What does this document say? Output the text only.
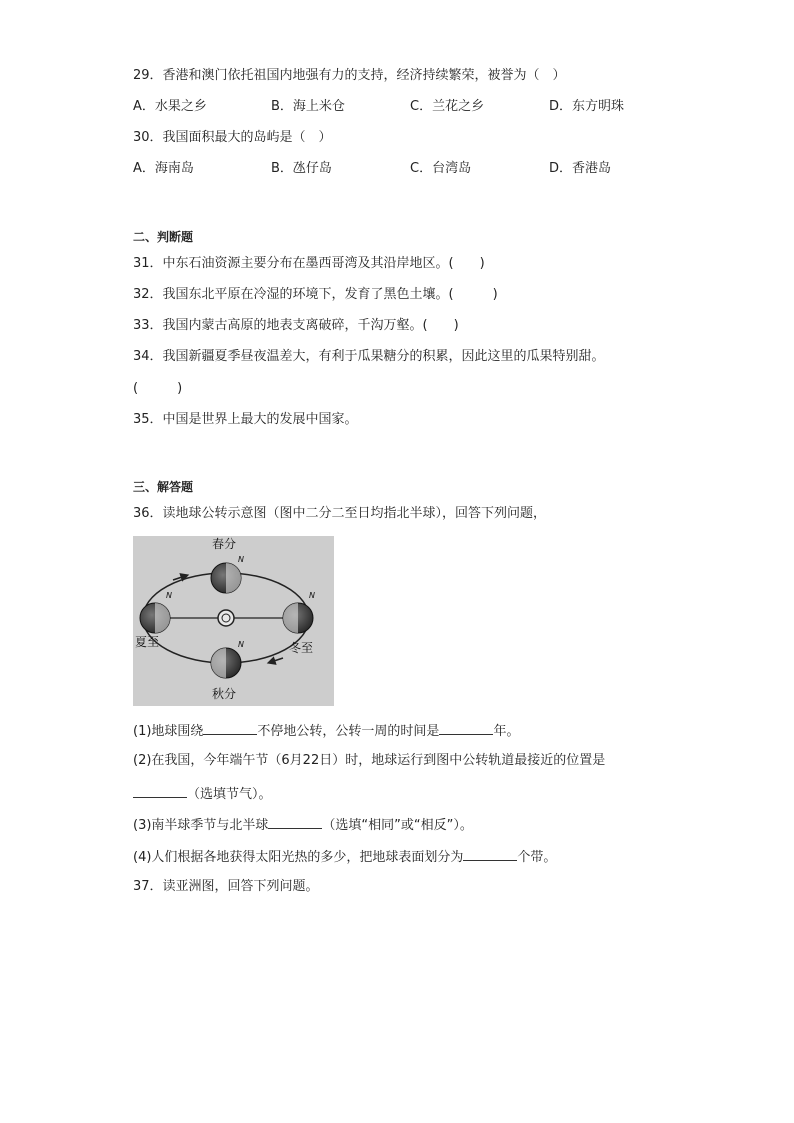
29．香港和澳门依托祖国内地强有力的支持，经济持续繁荣，被誉为（　）
A．水果之乡	B．海上米仓	C．兰花之乡	D．东方明珠
30．我国面积最大的岛屿是（　）
A．海南岛	B．氹仔岛	C．台湾岛	D．香港岛
二、判断题
31．中东石油资源主要分布在墨西哥湾及其沿岸地区。(　　)
32．我国东北平原在冷湿的环境下，发育了黑色土壤。(　　　)
33．我国内蒙古高原的地表支离破碎，千沟万壑。(　　)
34．我国新疆夏季昼夜温差大，有利于瓜果糖分的积累，因此这里的瓜果特别甜。
(　　　)
35．中国是世界上最大的发展中国家。
三、解答题
36．读地球公转示意图（图中二分二至日均指北半球），回答下列问题，
春分
夏至
秋分
冬至
N
N	N
N
(1)地球围绕	不停地公转，公转一周的时间是	年。
(2)在我国，今年端午节（6月22日）时，地球运行到图中公转轨道最接近的位置是
（选填节气）。
(3)南半球季节与北半球	（选填“相同”或“相反”）。
(4)人们根据各地获得太阳光热的多少，把地球表面划分为	个带。
37．读亚洲图，回答下列问题。
